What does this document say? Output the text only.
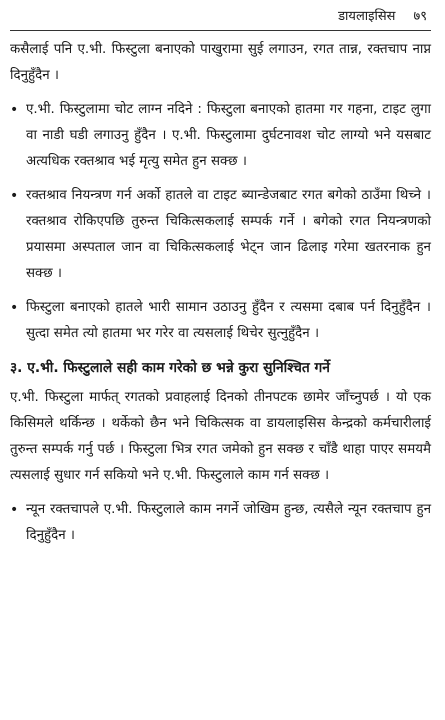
डायलाइसिस ७९

कसैलाई पनि ए.भी. फिस्टुला बनाएको पाखुरामा सुई लगाउन, रगत तान्न, रक्तचाप नाप्न दिनुहुँदैन ।

• ए.भी. फिस्टुलामा चोट लाग्न नदिने : फिस्टुला बनाएको हातमा गर गहना, टाइट लुगा वा नाडी घडी लगाउनु हुँदैन । ए.भी. फिस्टुलामा दुर्घटनावश चोट लाग्यो भने यसबाट अत्यधिक रक्तश्राव भई मृत्यु समेत हुन सक्छ ।

• रक्तश्राव नियन्त्रण गर्न अर्को हातले वा टाइट ब्यान्डेजबाट रगत बगेको ठाउँमा थिच्ने । रक्तश्राव रोकिएपछि तुरुन्त चिकित्सकलाई सम्पर्क गर्ने । बगेको रगत नियन्त्रणको प्रयासमा अस्पताल जान वा चिकित्सकलाई भेट्न जान ढिलाइ गरेमा खतरनाक हुन सक्छ ।

• फिस्टुला बनाएको हातले भारी सामान उठाउनु हुँदैन र त्यसमा दबाब पर्न दिनुहुँदैन । सुत्दा समेत त्यो हातमा भर गरेर वा त्यसलाई थिचेर सुत्नुहुँदैन ।

३. ए.भी. फिस्टुलाले सही काम गरेको छ भन्ने कुरा सुनिश्चित गर्ने

ए.भी. फिस्टुला मार्फत् रगतको प्रवाहलाई दिनको तीनपटक छामेर जाँच्नुपर्छ । यो एक किसिमले थर्किन्छ । थर्केको छैन भने चिकित्सक वा डायलाइसिस केन्द्रको कर्मचारीलाई तुरुन्त सम्पर्क गर्नु पर्छ । फिस्टुला भित्र रगत जमेको हुन सक्छ र चाँडै थाहा पाएर समयमै त्यसलाई सुधार गर्न सकियो भने ए.भी. फिस्टुलाले काम गर्न सक्छ ।

• न्यून रक्तचापले ए.भी. फिस्टुलाले काम नगर्ने जोखिम हुन्छ, त्यसैले न्यून रक्तचाप हुन दिनुहुँदैन ।
